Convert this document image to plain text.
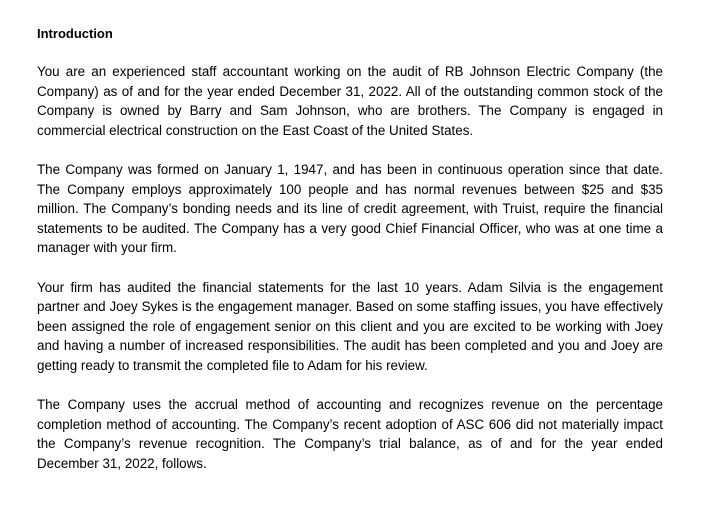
Introduction

You are an experienced staff accountant working on the audit of RB Johnson Electric Company (the Company) as of and for the year ended December 31, 2022. All of the outstanding common stock of the Company is owned by Barry and Sam Johnson, who are brothers. The Company is engaged in commercial electrical construction on the East Coast of the United States.

The Company was formed on January 1, 1947, and has been in continuous operation since that date. The Company employs approximately 100 people and has normal revenues between $25 and $35 million. The Company’s bonding needs and its line of credit agreement, with Truist, require the financial statements to be audited. The Company has a very good Chief Financial Officer, who was at one time a manager with your firm.

Your firm has audited the financial statements for the last 10 years. Adam Silvia is the engagement partner and Joey Sykes is the engagement manager. Based on some staffing issues, you have effectively been assigned the role of engagement senior on this client and you are excited to be working with Joey and having a number of increased responsibilities. The audit has been completed and you and Joey are getting ready to transmit the completed file to Adam for his review.

The Company uses the accrual method of accounting and recognizes revenue on the percentage completion method of accounting. The Company’s recent adoption of ASC 606 did not materially impact the Company’s revenue recognition. The Company’s trial balance, as of and for the year ended December 31, 2022, follows.
